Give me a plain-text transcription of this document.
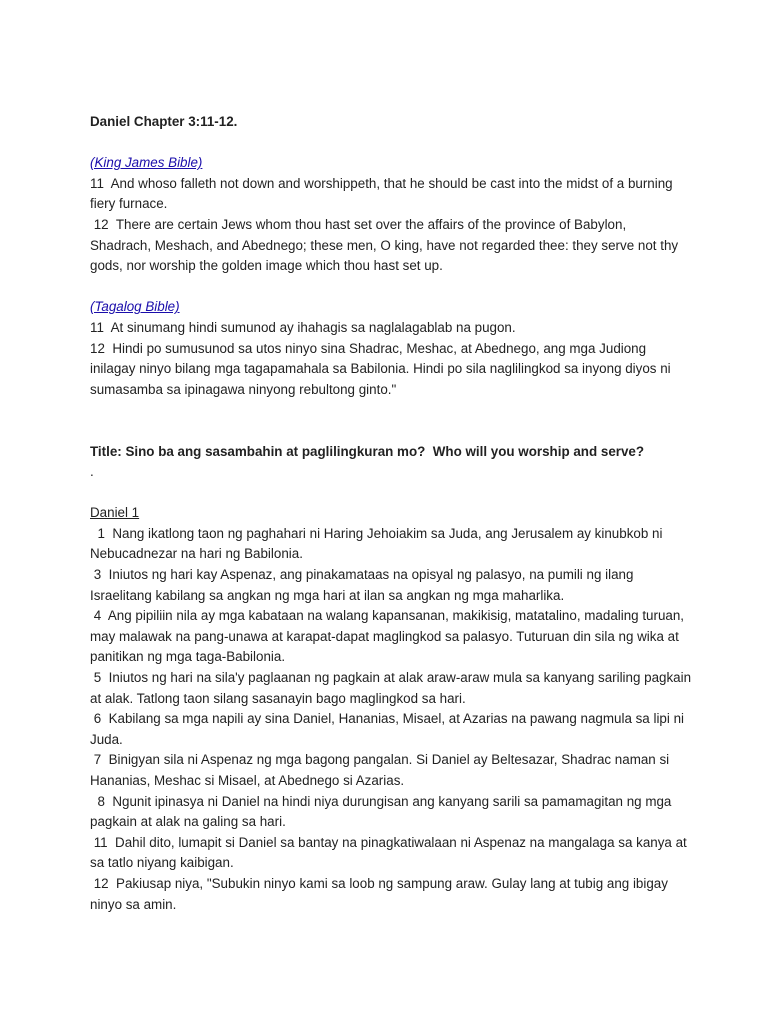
Daniel Chapter 3:11-12.
(King James Bible)
11  And whoso falleth not down and worshippeth, that he should be cast into the midst of a burning
fiery furnace.
12  There are certain Jews whom thou hast set over the affairs of the province of Babylon,
Shadrach, Meshach, and Abednego; these men, O king, have not regarded thee: they serve not thy
gods, nor worship the golden image which thou hast set up.
(Tagalog Bible)
11  At sinumang hindi sumunod ay ihahagis sa naglalagablab na pugon.
12  Hindi po sumusunod sa utos ninyo sina Shadrac, Meshac, at Abednego, ang mga Judiong
inilagay ninyo bilang mga tagapamahala sa Babilonia. Hindi po sila naglilingkod sa inyong diyos ni
sumasamba sa ipinagawa ninyong rebultong ginto."
Title: Sino ba ang sasambahin at paglilingkuran mo?  Who will you worship and serve?
.
Daniel 1
1  Nang ikatlong taon ng paghahari ni Haring Jehoiakim sa Juda, ang Jerusalem ay kinubkob ni
Nebucadnezar na hari ng Babilonia.
3  Iniutos ng hari kay Aspenaz, ang pinakamataas na opisyal ng palasyo, na pumili ng ilang
Israelitang kabilang sa angkan ng mga hari at ilan sa angkan ng mga maharlika.
4  Ang pipiliin nila ay mga kabataan na walang kapansanan, makikisig, matatalino, madaling turuan,
may malawak na pang-unawa at karapat-dapat maglingkod sa palasyo. Tuturuan din sila ng wika at
panitikan ng mga taga-Babilonia.
5  Iniutos ng hari na sila'y paglaanan ng pagkain at alak araw-araw mula sa kanyang sariling pagkain
at alak. Tatlong taon silang sasanayin bago maglingkod sa hari.
6  Kabilang sa mga napili ay sina Daniel, Hananias, Misael, at Azarias na pawang nagmula sa lipi ni
Juda.
7  Binigyan sila ni Aspenaz ng mga bagong pangalan. Si Daniel ay Beltesazar, Shadrac naman si
Hananias, Meshac si Misael, at Abednego si Azarias.
8  Ngunit ipinasya ni Daniel na hindi niya durungisan ang kanyang sarili sa pamamagitan ng mga
pagkain at alak na galing sa hari.
11  Dahil dito, lumapit si Daniel sa bantay na pinagkatiwalaan ni Aspenaz na mangalaga sa kanya at
sa tatlo niyang kaibigan.
12  Pakiusap niya, "Subukin ninyo kami sa loob ng sampung araw. Gulay lang at tubig ang ibigay
ninyo sa amin.
